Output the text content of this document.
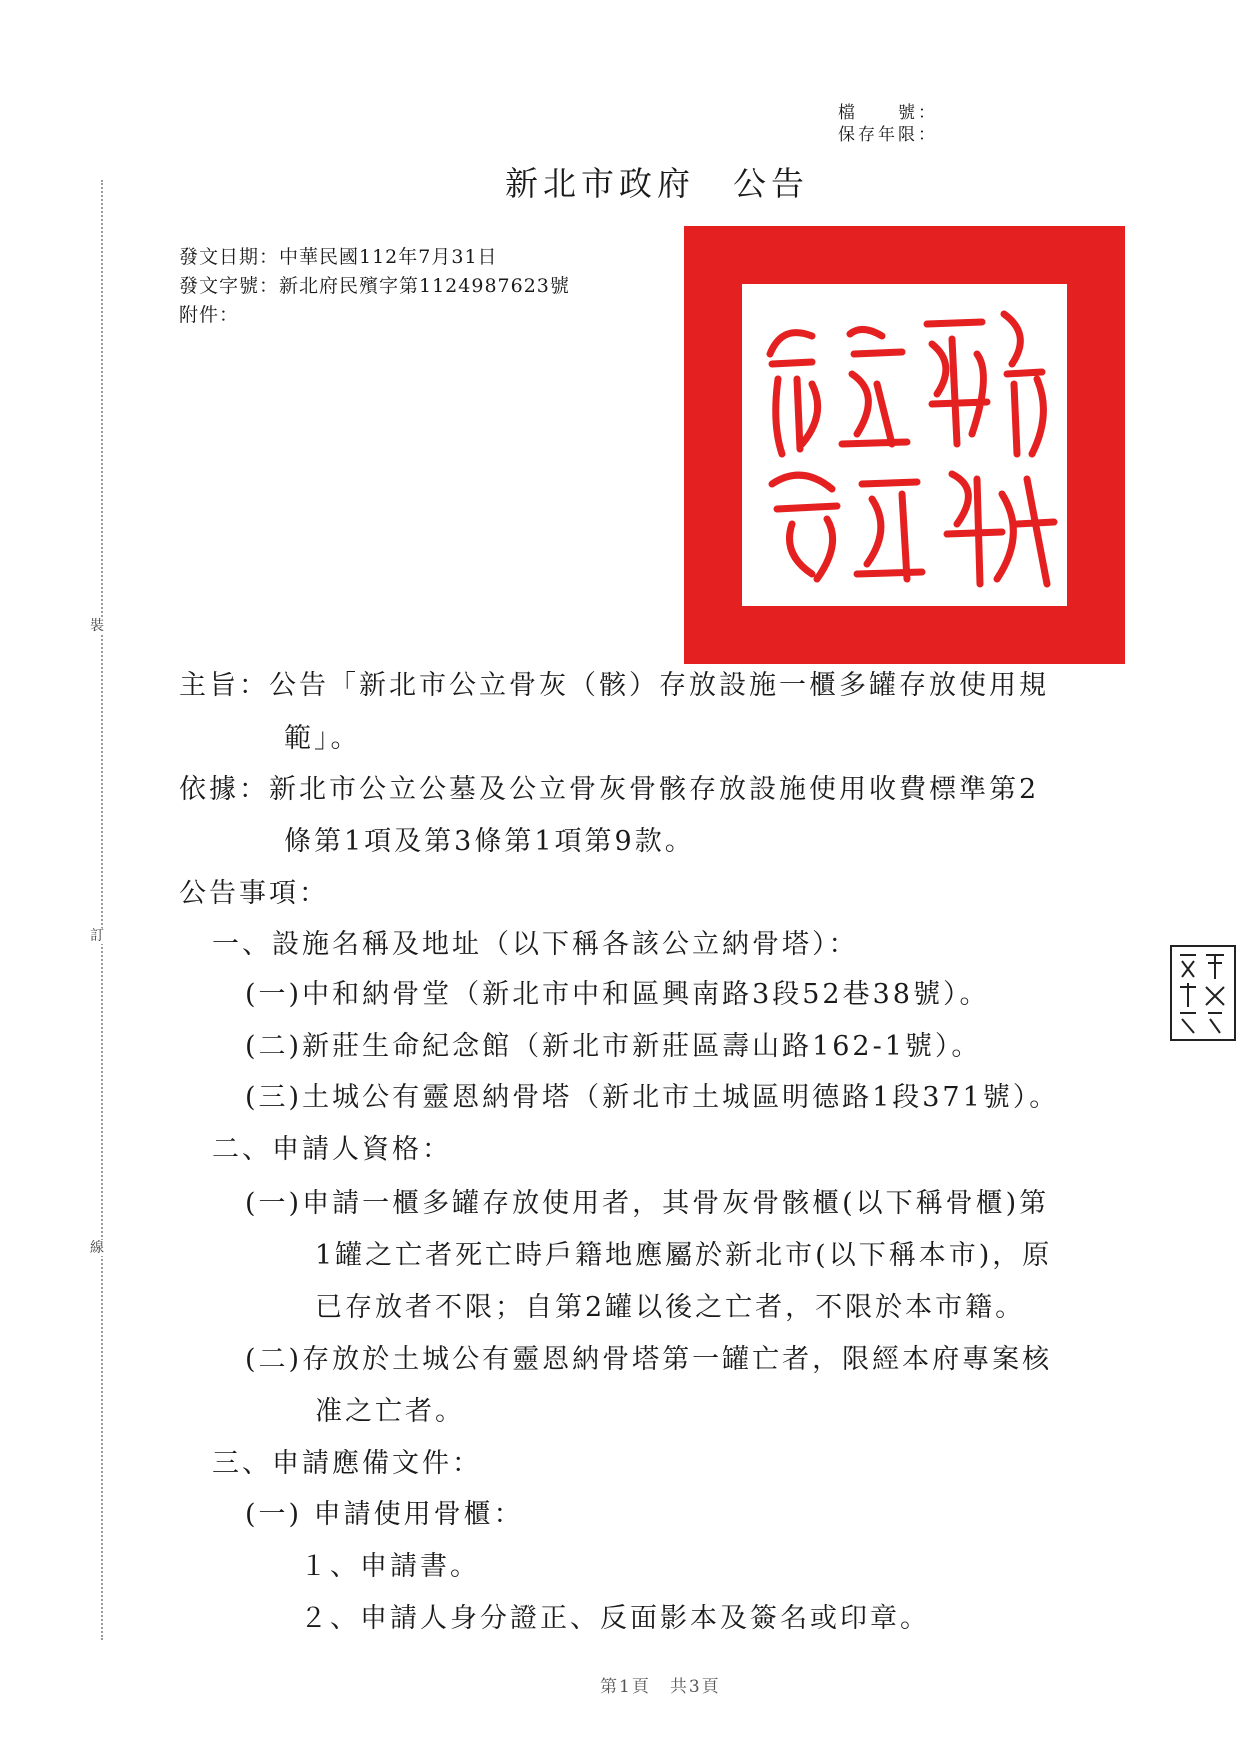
裝
訂
線
檔　　號：
保存年限：
新北市政府　公告
發文日期：中華民國112年7月31日
發文字號：新北府民殯字第1124987623號
附件：
主旨：公告「新北市公立骨灰（骸）存放設施一櫃多罐存放使用規
範」。
依據：新北市公立公墓及公立骨灰骨骸存放設施使用收費標準第2
條第1項及第3條第1項第9款。
公告事項：
一、設施名稱及地址（以下稱各該公立納骨塔）：
(一)中和納骨堂（新北市中和區興南路3段52巷38號）。
(二)新莊生命紀念館（新北市新莊區壽山路162-1號）。
(三)土城公有靈恩納骨塔（新北市土城區明德路1段371號）。
二、申請人資格：
(一)申請一櫃多罐存放使用者，其骨灰骨骸櫃(以下稱骨櫃)第
1罐之亡者死亡時戶籍地應屬於新北市(以下稱本市)，原
已存放者不限；自第2罐以後之亡者，不限於本市籍。
(二)存放於土城公有靈恩納骨塔第一罐亡者，限經本府專案核
准之亡者。
三、申請應備文件：
(一) 申請使用骨櫃：
１、申請書。
２、申請人身分證正、反面影本及簽名或印章。
第1頁　共3頁
